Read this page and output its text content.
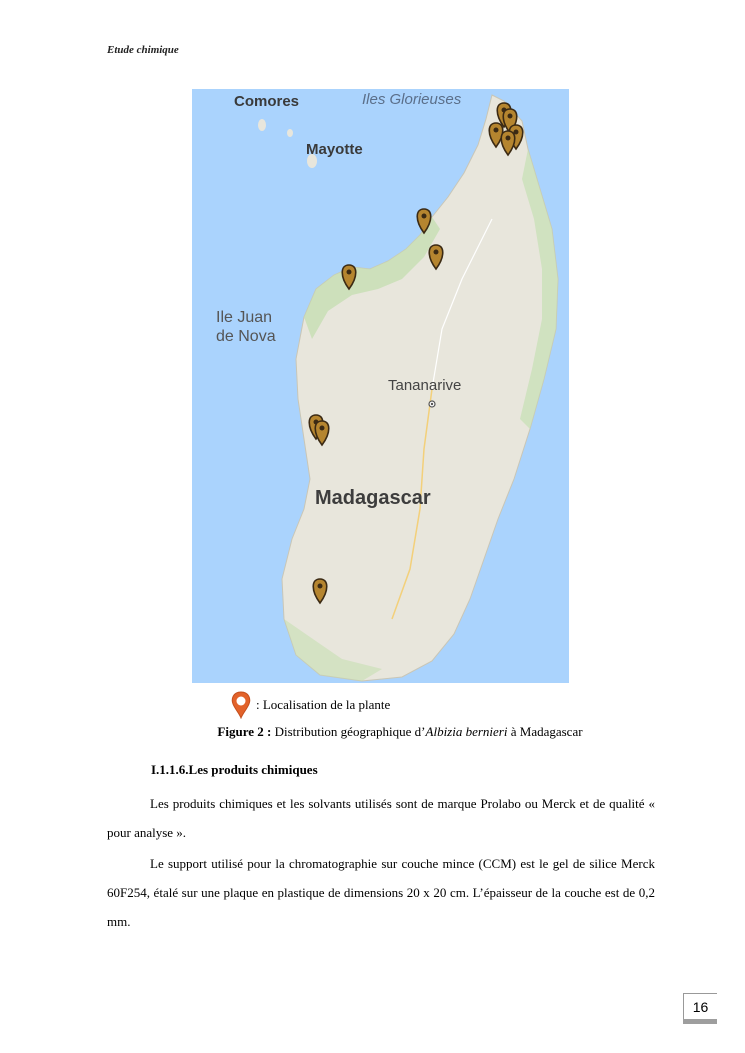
Etude chimique
Comores	Iles Glorieuses
Mayotte
Ile Juan
de Nova
Tananarive
Madagascar
: Localisation de la plante
Figure 2 : Distribution géographique d’Albizia bernieri à Madagascar
I.1.1.6.Les produits chimiques

Les produits chimiques et les solvants utilisés sont de marque Prolabo ou Merck et de qualité « pour analyse ».

Le support utilisé pour la chromatographie sur couche mince (CCM) est le gel de silice Merck 60F254, étalé sur une plaque en plastique de dimensions 20 x 20 cm. L’épaisseur de la couche est de 0,2 mm.

16
